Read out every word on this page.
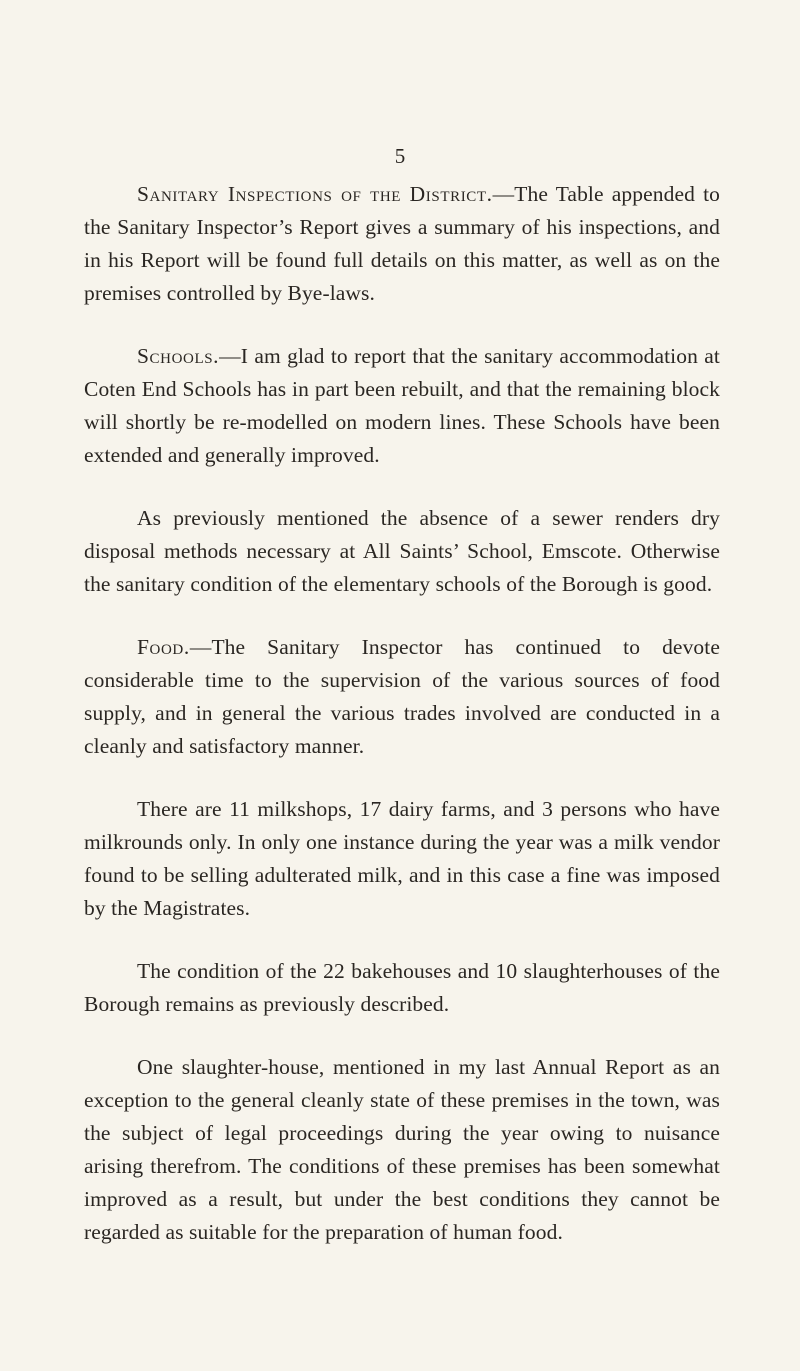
5

Sanitary Inspections of the District.—The Table appended to the Sanitary Inspector’s Report gives a summary of his inspections, and in his Report will be found full details on this matter, as well as on the premises controlled by Bye-laws.

Schools.—I am glad to report that the sanitary accommodation at Coten End Schools has in part been rebuilt, and that the remaining block will shortly be re-modelled on modern lines. These Schools have been extended and generally improved.

As previously mentioned the absence of a sewer renders dry disposal methods necessary at All Saints’ School, Emscote. Otherwise the sanitary condition of the elementary schools of the Borough is good.

Food.—The Sanitary Inspector has continued to devote considerable time to the supervision of the various sources of food supply, and in general the various trades involved are conducted in a cleanly and satisfactory manner.

There are 11 milkshops, 17 dairy farms, and 3 persons who have milkrounds only. In only one instance during the year was a milk vendor found to be selling adulterated milk, and in this case a fine was imposed by the Magistrates.

The condition of the 22 bakehouses and 10 slaughterhouses of the Borough remains as previously described.

One slaughter-house, mentioned in my last Annual Report as an exception to the general cleanly state of these premises in the town, was the subject of legal proceedings during the year owing to nuisance arising therefrom. The conditions of these premises has been somewhat improved as a result, but under the best conditions they cannot be regarded as suitable for the preparation of human food.
